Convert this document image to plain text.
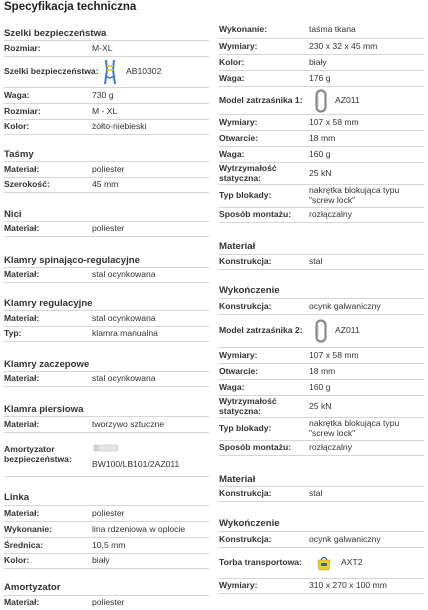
Specyfikacja techniczna
Szelki bezpieczeństwa
Rozmiar:	M-XL
Szelki bezpieczeństwa:	AB10302
Waga:	730 g
Rozmiar:	M - XL
Kolor:	żółto-niebieski
Taśmy
Materiał:	poliester
Szerokość:	45 mm
Nici
Materiał:	poliester
Klamry spinająco-regulacyjne
Materiał:	stal ocynkowana
Klamry regulacyjne
Materiał:	stal ocynkowana
Typ:	klamra manualna
Klamry zaczepowe
Materiał:	stal ocynkowana
Klamra piersiowa
Materiał:	tworzywo sztuczne
Amortyzator
bezpieczeństwa: BW100/LB101/2AZ011
Linka
Materiał:	poliester
Wykonanie:	lina rdzeniowa w oplocie
Średnica:	10,5 mm
Kolor:	biały
Amortyzator
Materiał:	poliester
Wykonanie:	taśma tkana
Wymiary:	230 x 32 x 45 mm
Kolor:	biały
Waga:	176 g
Model zatrzaśnika 1:	AZ011
Wymiary:	107 x 58 mm
Otwarcie:	18 mm
Waga:	160 g
Wytrzymałość
statyczna:	25 kN
Typ blokady:	nakrętka blokująca typu
"screw lock"
Sposób montażu: rozłączalny
Materiał
Konstrukcja:	stal
Wykończenie
Konstrukcja:	ocynk galwaniczny
Model zatrzaśnika 2:	AZ011
Wymiary:	107 x 58 mm
Otwarcie:	18 mm
Waga:	160 g
Wytrzymałość
statyczna:	25 kN
Typ blokady:	nakrętka blokująca typu
"screw lock"
Sposób montażu: rozłączalny
Materiał
Konstrukcja:	stal
Wykończenie
Konstrukcja:	ocynk galwaniczny
Torba transportowa:	AXT2
Wymiary:	310 x 270 x 100 mm
